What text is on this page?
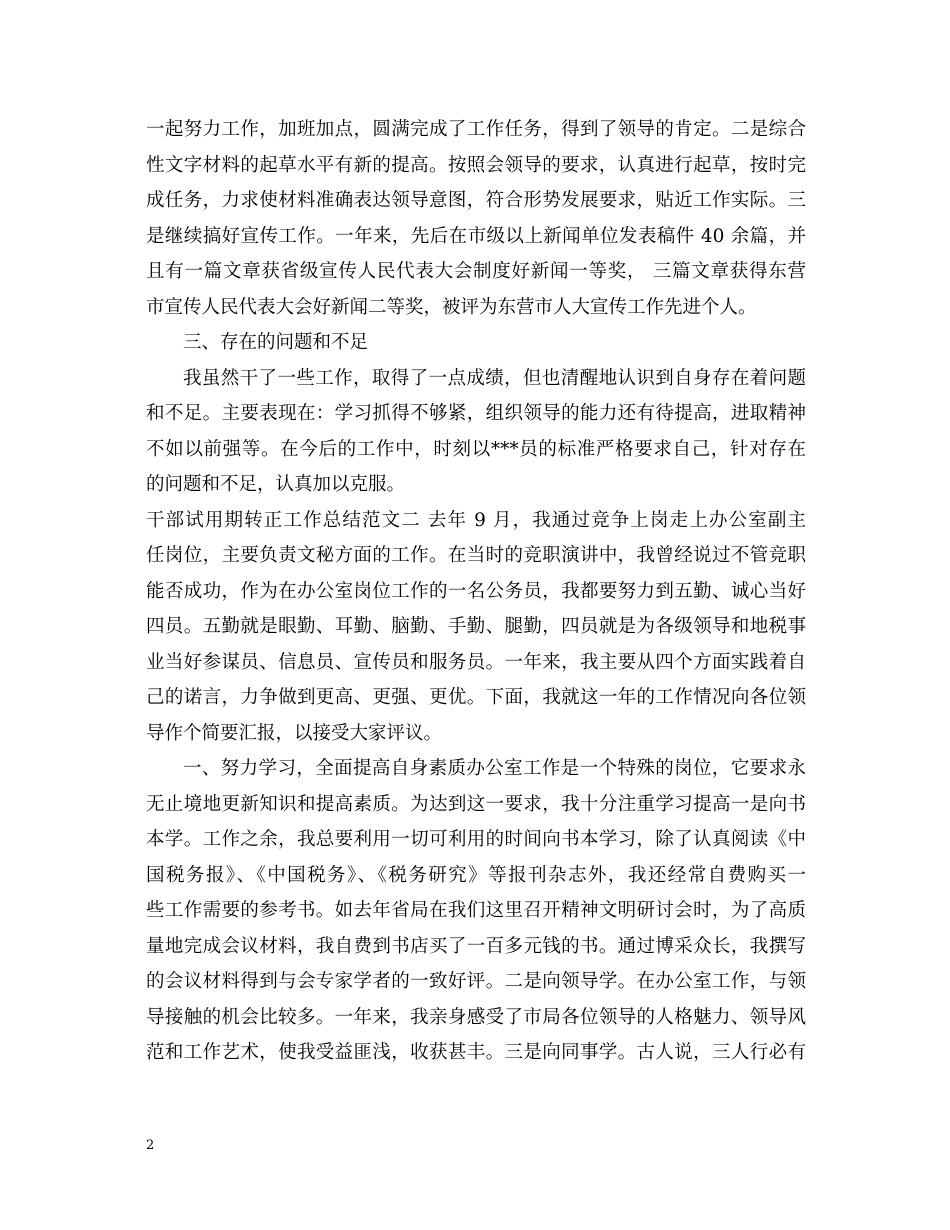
一起努力工作，加班加点，圆满完成了工作任务，得到了领导的肯定。二是综合
性文字材料的起草水平有新的提高。按照会领导的要求，认真进行起草，按时完
成任务，力求使材料准确表达领导意图，符合形势发展要求，贴近工作实际。三
是继续搞好宣传工作。一年来，先后在市级以上新闻单位发表稿件 40 余篇，并
且有一篇文章获省级宣传人民代表大会制度好新闻一等奖， 三篇文章获得东营
市宣传人民代表大会好新闻二等奖，被评为东营市人大宣传工作先进个人。
三、存在的问题和不足
我虽然干了一些工作，取得了一点成绩，但也清醒地认识到自身存在着问题
和不足。主要表现在：学习抓得不够紧，组织领导的能力还有待提高，进取精神
不如以前强等。在今后的工作中，时刻以***员的标准严格要求自己，针对存在
的问题和不足，认真加以克服。
干部试用期转正工作总结范文二 去年 9 月，我通过竞争上岗走上办公室副主
任岗位，主要负责文秘方面的工作。在当时的竞职演讲中，我曾经说过不管竞职
能否成功，作为在办公室岗位工作的一名公务员，我都要努力到五勤、诚心当好
四员。五勤就是眼勤、耳勤、脑勤、手勤、腿勤，四员就是为各级领导和地税事
业当好参谋员、信息员、宣传员和服务员。一年来，我主要从四个方面实践着自
己的诺言，力争做到更高、更强、更优。下面，我就这一年的工作情况向各位领
导作个简要汇报，以接受大家评议。
一、努力学习，全面提高自身素质办公室工作是一个特殊的岗位，它要求永
无止境地更新知识和提高素质。为达到这一要求，我十分注重学习提高一是向书
本学。工作之余，我总要利用一切可利用的时间向书本学习，除了认真阅读《中
国税务报》、《中国税务》、《税务研究》等报刊杂志外，我还经常自费购买一
些工作需要的参考书。如去年省局在我们这里召开精神文明研讨会时，为了高质
量地完成会议材料，我自费到书店买了一百多元钱的书。通过博采众长，我撰写
的会议材料得到与会专家学者的一致好评。二是向领导学。在办公室工作，与领
导接触的机会比较多。一年来，我亲身感受了市局各位领导的人格魅力、领导风
范和工作艺术，使我受益匪浅，收获甚丰。三是向同事学。古人说，三人行必有
2
